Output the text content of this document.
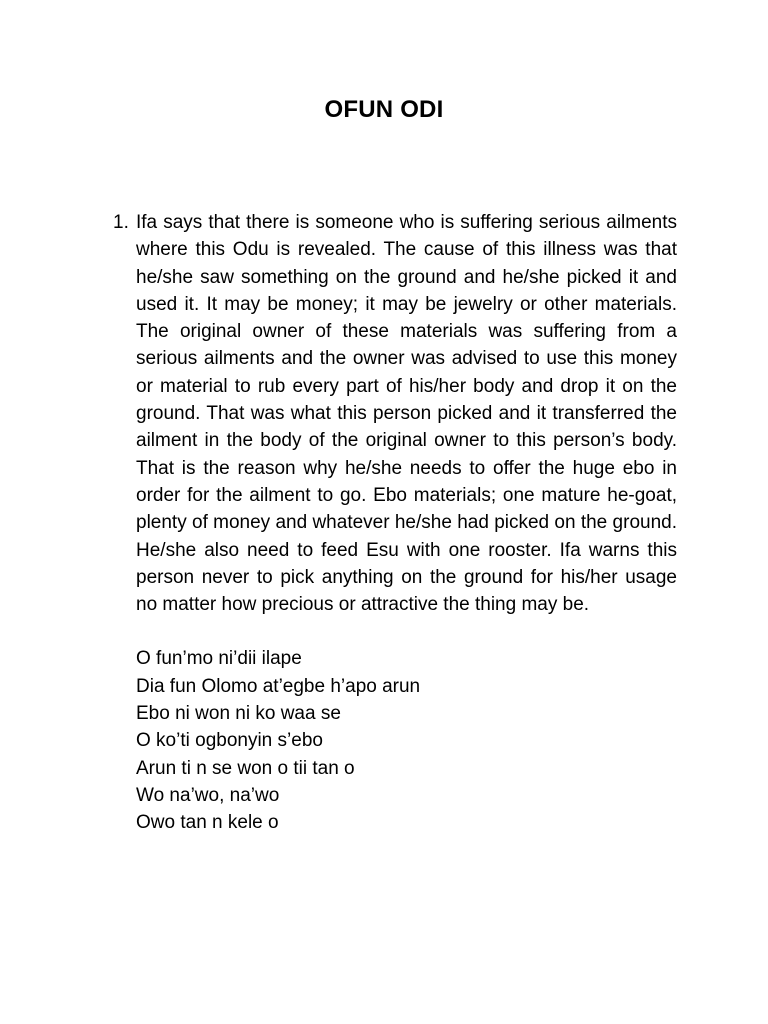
OFUN ODI
1. Ifa says that there is someone who is suffering serious ailments where this Odu is revealed. The cause of this illness was that he/she saw something on the ground and he/she picked it and used it. It may be money; it may be jewelry or other materials. The original owner of these materials was suffering from a serious ailments and the owner was advised to use this money or material to rub every part of his/her body and drop it on the ground. That was what this person picked and it transferred the ailment in the body of the original owner to this person’s body. That is the reason why he/she needs to offer the huge ebo in order for the ailment to go. Ebo materials; one mature he-goat, plenty of money and whatever he/she had picked on the ground. He/she also need to feed Esu with one rooster. Ifa warns this person never to pick anything on the ground for his/her usage no matter how precious or attractive the thing may be.

O fun’mo ni’dii ilape
Dia fun Olomo at’egbe h’apo arun
Ebo ni won ni ko waa se
O ko’ti ogbonyin s’ebo
Arun ti n se won o tii tan o
Wo na’wo, na’wo
Owo tan n kele o
